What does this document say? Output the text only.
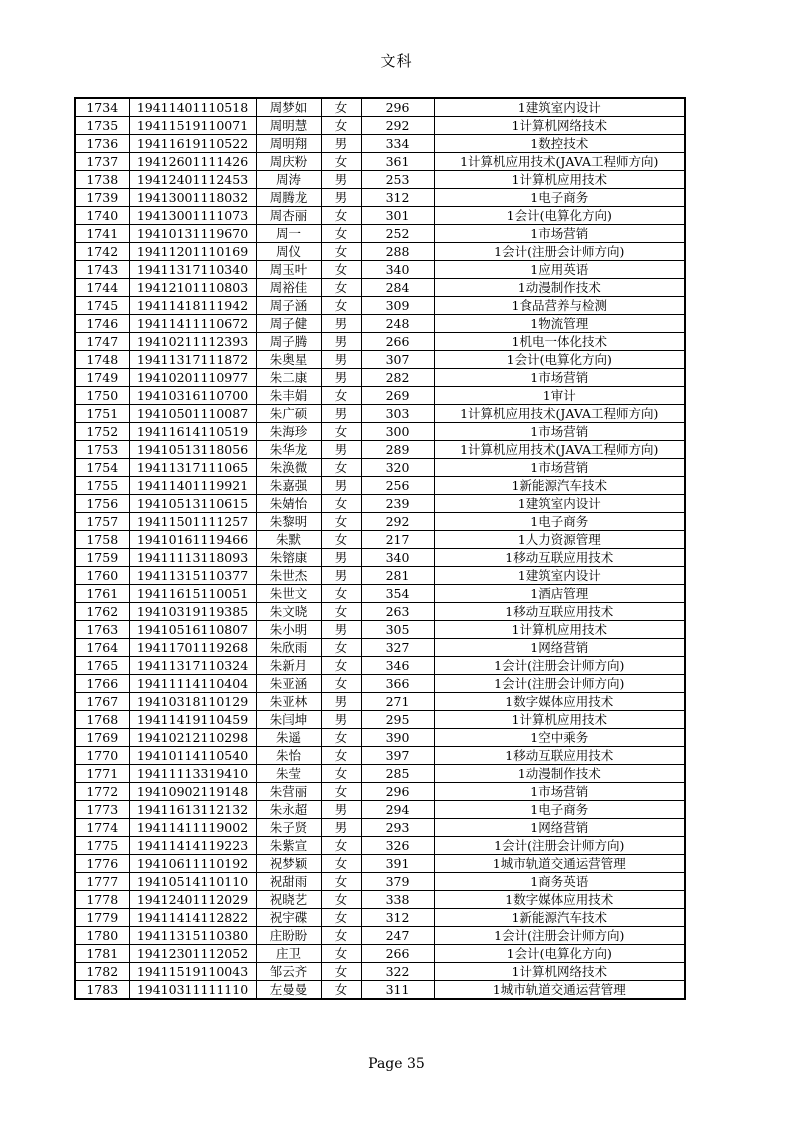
文科
1734	19411401110518	周梦如	女	296	1建筑室内设计
1735	19411519110071	周明慧	女	292	1计算机网络技术
1736	19411619110522	周明翔	男	334	1数控技术
1737	19412601111426	周庆粉	女	361	1计算机应用技术(JAVA工程师方向)
1738	19412401112453	周涛	男	253	1计算机应用技术
1739	19413001118032	周腾龙	男	312	1电子商务
1740	19413001111073	周杏丽	女	301	1会计(电算化方向)
1741	19410131119670	周一	女	252	1市场营销
1742	19411201110169	周仪	女	288	1会计(注册会计师方向)
1743	19411317110340	周玉叶	女	340	1应用英语
1744	19412101110803	周裕佳	女	284	1动漫制作技术
1745	19411418111942	周子涵	女	309	1食品营养与检测
1746	19411411110672	周子健	男	248	1物流管理
1747	19410211112393	周子腾	男	266	1机电一体化技术
1748	19411317111872	朱奥星	男	307	1会计(电算化方向)
1749	19410201110977	朱二康	男	282	1市场营销
1750	19410316110700	朱丰娟	女	269	1审计
1751	19410501110087	朱广硕	男	303	1计算机应用技术(JAVA工程师方向)
1752	19411614110519	朱海珍	女	300	1市场营销
1753	19410513118056	朱华龙	男	289	1计算机应用技术(JAVA工程师方向)
1754	19411317111065	朱涣微	女	320	1市场营销
1755	19411401119921	朱嘉强	男	256	1新能源汽车技术
1756	19410513110615	朱婧怡	女	239	1建筑室内设计
1757	19411501111257	朱黎明	女	292	1电子商务
1758	19410161119466	朱默	女	217	1人力资源管理
1759	19411113118093	朱镕康	男	340	1移动互联应用技术
1760	19411315110377	朱世杰	男	281	1建筑室内设计
1761	19411615110051	朱世文	女	354	1酒店管理
1762	19410319119385	朱文晓	女	263	1移动互联应用技术
1763	19410516110807	朱小明	男	305	1计算机应用技术
1764	19411701119268	朱欣雨	女	327	1网络营销
1765	19411317110324	朱新月	女	346	1会计(注册会计师方向)
1766	19411114110404	朱亚涵	女	366	1会计(注册会计师方向)
1767	19410318110129	朱亚林	男	271	1数字媒体应用技术
1768	19411419110459	朱闫坤	男	295	1计算机应用技术
1769	19410212110298	朱遥	女	390	1空中乘务
1770	19410114110540	朱怡	女	397	1移动互联应用技术
1771	19411113319410	朱莹	女	285	1动漫制作技术
1772	19410902119148	朱营丽	女	296	1市场营销
1773	19411613112132	朱永超	男	294	1电子商务
1774	19411411119002	朱子贤	男	293	1网络营销
1775	19411414119223	朱紫宣	女	326	1会计(注册会计师方向)
1776	19410611110192	祝梦颖	女	391	1城市轨道交通运营管理
1777	19410514110110	祝甜雨	女	379	1商务英语
1778	19412401112029	祝晓艺	女	338	1数字媒体应用技术
1779	19411414112822	祝宇碟	女	312	1新能源汽车技术
1780	19411315110380	庄盼盼	女	247	1会计(注册会计师方向)
1781	19412301112052	庄卫	女	266	1会计(电算化方向)
1782	19411519110043	邹云齐	女	322	1计算机网络技术
1783	19410311111110	左曼曼	女	311	1城市轨道交通运营管理
Page 35
